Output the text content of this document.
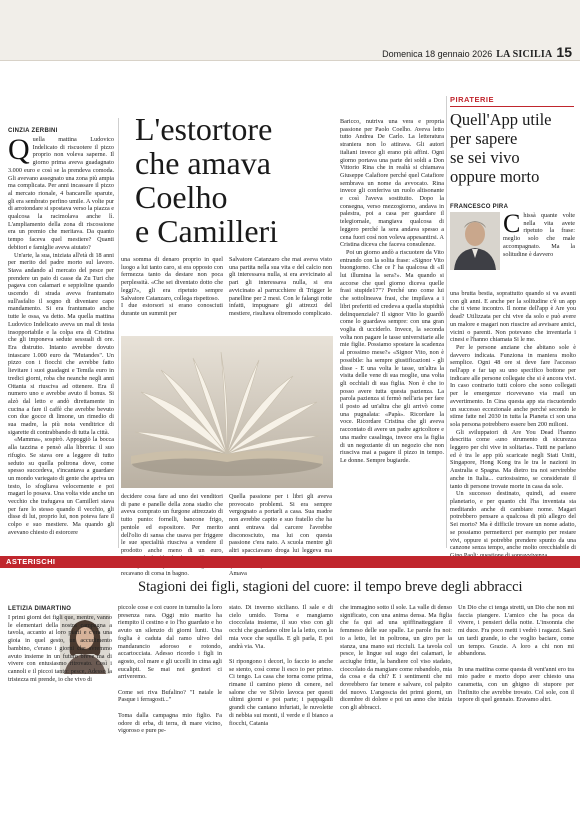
Domenica 18 gennaio 2026 LA SICILIA 15
CINZIA ZERBINI

Quella mattina Ludovico Indelicato di riscuotere il pizzo proprio non voleva saperne. Il giorno prima aveva guadagnato 3.000 euro e così se la prendeva comoda. Gli avevano assegnato una zona più ampia ma complicata. Per anni incassare il pizzo al mercato rionale, 4 bancarelle sparute, gli era sembrato perfino umile. A volte pur di arrotondare si spostava verso la piazza e qualcosa la racimolava anche lì. L'ampliamento della zona di riscossione era un premio che meritava. Da quanto tempo faceva quel mestiere? Quanti debitori e famiglie aveva aiutato?

Un'arte, la sua, iniziata all'età di 18 anni per merito del padre morto sul lavoro. Stava andando al mercato del pesce per prendere un paio di casse da Zu Turi che pagava con calamari e seppioline quando uscendo di strada aveva frantumato sull'asfalto il sogno di diventare capo mandamento. Si era frantumato anche tutte le ossa, va detto. Ma quella mattina Ludovico Indelicato aveva un mal di testa insopportabile e la colpa era di Cristina che gli imponeva sedute sessuali di ore. Era distrutto. Intanto avrebbe dovuto intascare 1.000 euro da "Mutandes". Un pizzo con i fiocchi che avrebbe fatto lievitare i suoi guadagni e Temila euro in tredici giorni, roba che neanche negli anni Ottanta si riusciva ad ottenere. Era il numero uno e avrebbe avuto il bonus. Si alzò dal letto e andò direttamente in cucina a fare il caffè che avrebbe bevuto con due gocce di limone, un rimedio di sua madre, la più nota venditrice di sigarette di contrabbando di tutta la città.

«Mamma», sospirò. Appoggiò la bocca alla tazzina e pensò alla libreria: il suo rifugio. Se stava ore a leggere di tutto seduto su quella poltrona dove, come spesso succedeva, s'incantava a guardare un mondo variegato di gente che apriva un testo, lo sfogliava velocemente e poi magari lo posava. Una volta vide anche un vecchio che trafugava un Camilleri stava per fare lo stesso quando il vecchio, gli disse di lui, proprio lui, non poteva fare il colpo e suo mestiere. Ma quando gli avevano chiesto di estorcere

L'estortore
che amava
Coelho
e Camilleri

una somma di denaro proprio in quel luogo a lui tanto caro, si era opposto con fermezza tanto da destare non poca perplessità. «Che sei diventato dotto che leggi?», gli era ripetuto sempre Salvatore Catanzaro, collega rispettoso.
I due estorsori si erano conosciuti durante un summit per

Salvatore Catanzaro che mai aveva visto una partita nella sua vita e del calcio non gli interessava nulla, si era avvicinato al pari gli interessava nulla, si era avvicinato al parrucchiere di Trigger le panelline per 2 mesi. Con le falangi rotte infatti, impugnare gli attrezzi del mestiere, risultava oltremodo complicato.

decidere cosa fare ad uno dei venditori di pane e panelle della zona stadio che aveva comprato un furgone attrezzato di tutto punto: fornelli, bancone frigo, pentole ed espositore. Per merito dell'olio di sansa che usava per friggere le sue specialità riusciva a vendere il prodotto anche meno di un euro, recavano di corsa in bagno.

Quella passione per i libri gli aveva provocato problemi. Si era sempre vergognato a portarli a casa. Sua madre non avrebbe capito e suo fratello che ha anni entrava dal carcere l'avrebbe disconosciuto, ma lui con questa passione c'era nato. A scuola mentre gli altri spacciavano droga lui leggeva ma Amava

Baricco, nutriva una vera e propria passione per Paolo Coelho. Aveva letto tutto Andrea De Carlo. La letteratura straniera non lo attirava. Gli autori italiani invece gli erano più affini. Ogni giorno portava una parte dei soldi a Don Vittorio Rina che in realtà si chiamava Giuseppe Calafiore perché quel Catafiore sembrava un nome da avvocato. Rina invece gli conferiva un ruolo altisonante e così l'aveva sostituito. Dopo la consegna, verso mezzogiorno, andava in palestra, poi a casa per guardare il telegiornale, mangiava qualcosa di leggero perché la sera andava spesso a cena fuori così non voleva appesantirsi. A Cristina diceva che faceva consulenze.

Poi un giorno andò a riscuotere da Vito entrando con la solita frase: «Signor Vito buongiorno. Che ce l' ha qualcosa di «Il lui illumina la sera?». Ma quando si accorse che quel giorno diceva quelle frasi stupide17"? Perché uno come lui che sottolineava frasi, che impilava a i libri preferiti ed credeva a quella stupidità delinquenziale? Il signor Vito lo guardò come lo guardava sempre: con una gran voglia di ucciderlo. Invece, la seconda volta non pagare le tasse universitarie alle mie figlie. Possiamo spostare la scadenza al prossimo mese?» «Signor Vito, non è possibile: ha sempre giustificazioni - gli disse - E una volta le tasse, un'altra la visita delle vene di sua moglie, una volta gli occhiali di sua figlia. Non è che io posso avere tutta questa pazienza. La parola pazienza si fermò nell'aria per fare il posto ad un'altra che gli arrivò come una pugnalata: «Papà». Ricordare la voce. Ricordare Cristina che gli aveva raccontato di avere un padre agricoltore e una madre casalinga, invece era la figlia di un negoziante di un negozio che non riusciva mai a pagare il pizzo in tempo. Le donne. Sempre bugiarde.

PIRATERIE
Quell'App utile
per sapere
se sei vivo
oppure morto
FRANCESCO PIRA

Chissà quante volte nella vita avete ripetuto la frase: meglio solo che male accompagnato. Ma la solitudine è davvero

una brutta bestia, soprattutto quando si va avanti con gli anni. E anche per la solitudine c'è un app che ti viene incontro. Il nome dell'app è Are you dead? Utilizzata per chi vive da solo e può avere un malore e magari non riuscire ad avvisare amici, vicini o parenti. Non potevano che inventarla i cinesi e l'hanno chiamata Si le me.

Per le persone anziane che abitano sole è davvero indicata. Funziona in maniera molto semplice. Ogni 48 ore si deve fare l'accesso nell'app e far tap su uno specifico bottone per indicare alle persone collegate che si è ancora vivi. In caso contrario tutti coloro che sono collegati per le emergenze ricevevano via mail un avvertimento. In Cina questa app sta riscuotendo un successo eccezionale anche perché secondo le stime fatte nel 2030 in tutta la Pianeta ci son una sola persona potrebbero essere ben 200 milioni.

Gli sviluppatori di Are You Dead l'hanno descritta come «uno strumento di sicurezza leggero per chi vive in solitaria». Tutti ne parlano ed è tra le app più scaricate negli Stati Uniti, Singapore, Hong Kong tra le tra le nazioni in Australia e Spagna. Ma dietro tra noi servirebbe anche in Italia... curiosissimo, se considerate il tanto di persone trovate morte in casa da sole.

Un successo destinato, quindi, ad essere planetario, e per quanto chi l'ha inventata sta meditando anche di cambiare nome. Magari potrebbero pensare a qualcosa di più allegro del Sei morto? Ma è difficile trovare un nome adatto, se possiamo permetterci per esempio per restare vivi, oppure si potrebbe prendere spunto da una canzone senza tempo, anche molto orecchiabile di

ASTERISCHI
Stagioni dei figli, stagioni del cuore: il tempo breve degli abbracci
LETIZIA DIMARTINO

I primi giorni dei figli que, mentre, vanno le elementari della nostra campagna a tavola, accanto ai loro piatti e c'era una gioia in quel gesto, un accudimento bambino, c'erano i giorni che avremmo avuto insieme in un futuro breve ma di vivere con entusiasmo ritrovato. Così i cannoli e il piccoi tanto: pesce, Adesso la tristezza mi prende, io che vivo di

piccole cose e coi cuore in tumulto la loro presenza rara. Oggi mio marito ha riempito il cestino e io l'ho guardato e ho avuto un silenzio di giorni lunti. Una foglia è caduta dal ramo ulivo del mandarancio adoroso e rotondo, accartocciata. Adesso ricordo i figli in agosto, col mare e gli uccelli in cima agli eucalipti. Se mai noi genitori ci arriveremo.

Come sei riva Bufalino? "I natale le Pasque i ferragosti..."

Toma dalla campagna mio figlio. Fa odore di erba, di terra, di mare vicino, vigoroso e pure pe-

stato. Di inverno siciliano. Il sale e di cielo umido. Torna e mangiamo cioccolata insieme, il suo viso con gli occhi che guardano oltre la la letto, con la mia voce che squilla. E gli parla, E poi andrà via. Via.

Si ripongono i decori, lo faccio io anche se stento, così come li esco io per primo. Ci tengo. La casa che torna come prima, rimane il camino pieno di cenere, nel salone che ve Silvio lavoca per questi ultimi giorni e poi parte; i pappagalli grandi che cantano infuriati, le nuvolette di nebbia sui monti, il verde e il bianco a fiocchi, Catania

che immagino sotto il sole. La valle di denso significato, con una anima densa. Ma figlia che fa qui ad una spiffinatteggiare il femmeso delle sue spalle. Le parole fra noi: io a letto, lei in poltrona, un giro per la stanza, una mano sui ricciuli. La tavola col pesce, le lingue sul sugo dei calamari, le acciughe fritte, la bandiere col viso stadato, cioccolato da mangiare come rubandolo, mia da cosa e da chi? E i sentimenti che mi dovrebbero far tenere e salvare, col palpito del nuovo. L'angoscia dei primi giorni, un dicembre di dolore e poi un anno che inizia con gli abbracci.

Un Dio che ci tenga stretti, un Dio che non mi faccia piangere. L'amico che ha poca da vivere, i pensieri della notte. L'insonnia che mi duce. Fra poco metti i vedrò i ragazzi. Sarà un tardi grande, io che voglio baciare, come un tempo. Grazie. A loro a chi non mi abbandona.

In una mattina come questa di vent'anni ero tra mio padre e morto dopo aver chiesto una carametta, con un ghigno di stupore per l'infinito che avrebbe trovato. Col sole, con il tepore di quel gennaio. Eravamo altri.
